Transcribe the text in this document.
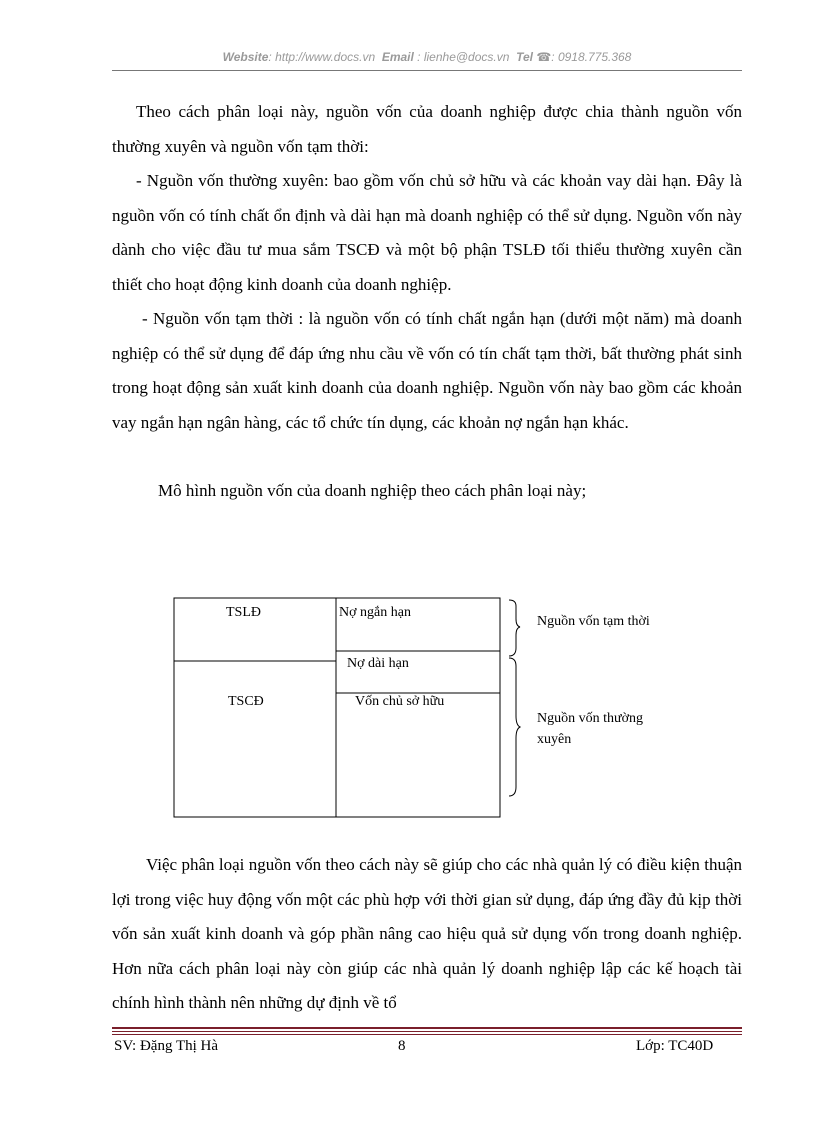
Website: http://www.docs.vn Email : lienhe@docs.vn Tel ☎: 0918.775.368
Theo cách phân loại này, nguồn vốn của doanh nghiệp được chia thành nguồn vốn thường xuyên và nguồn vốn tạm thời:
- Nguồn vốn thường xuyên: bao gồm vốn chủ sở hữu và các khoản vay dài hạn. Đây là nguồn vốn có tính chất ổn định và dài hạn mà doanh nghiệp có thể sử dụng. Nguồn vốn này dành cho việc đầu tư mua sắm TSCĐ và một bộ phận TSLĐ tối thiểu thường xuyên cần thiết cho hoạt động kinh doanh của doanh nghiệp.
- Nguồn vốn tạm thời : là nguồn vốn có tính chất ngắn hạn (dưới một năm) mà doanh nghiệp có thể sử dụng để đáp ứng nhu cầu về vốn có tín chất tạm thời, bất thường phát sinh trong hoạt động sản xuất kinh doanh của doanh nghiệp. Nguồn vốn này bao gồm các khoản vay ngắn hạn ngân hàng, các tổ chức tín dụng, các khoản nợ ngắn hạn khác.
Mô hình nguồn vốn của doanh nghiệp theo cách phân loại này;
TSLĐ
TSCĐ
Nợ ngắn hạn
Nợ dài hạn
Vốn chủ sở hữu
Nguồn vốn tạm thời
Nguồn vốn thường
xuyên
Việc phân loại nguồn vốn theo cách này sẽ giúp cho các nhà quản lý có điều kiện thuận lợi trong việc huy động vốn một các phù hợp với thời gian sử dụng, đáp ứng đầy đủ kịp thời vốn sản xuất kinh doanh và góp phần nâng cao hiệu quả sử dụng vốn trong doanh nghiệp. Hơn nữa cách phân loại này còn giúp các nhà quản lý doanh nghiệp lập các kế hoạch tài chính hình thành nên những dự định về tổ
SV: Đặng Thị Hà	8	Lớp: TC40D
